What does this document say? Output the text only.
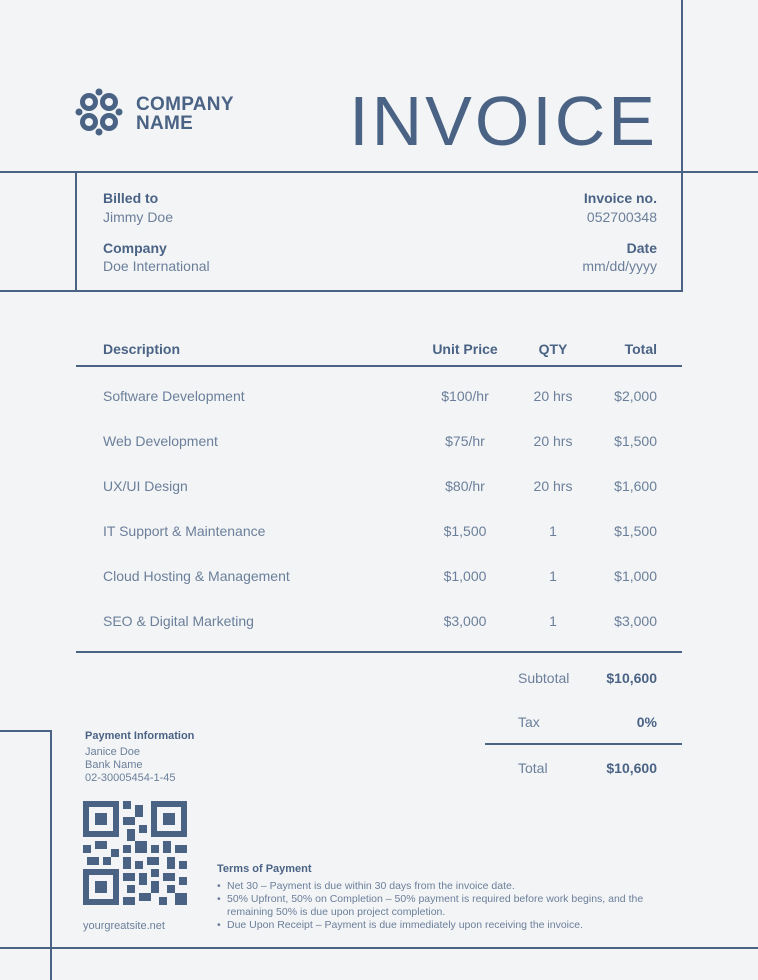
COMPANY
NAME	INVOICE
Billed to
Jimmy Doe
Company
Doe International
Invoice no.
052700348
Date
mm/dd/yyyy
Description	Unit Price	QTY	Total
Software Development	$100/hr	20 hrs	$2,000
Web Development	$75/hr	20 hrs	$1,500
UX/UI Design	$80/hr	20 hrs	$1,600
IT Support & Maintenance	$1,500	1	$1,500
Cloud Hosting & Management	$1,000	1	$1,000
SEO & Digital Marketing	$3,000	1	$3,000
Subtotal	$10,600
Tax	0%
Total	$10,600
Payment Information
Janice Doe
Bank Name
02-30005454-1-45
yourgreatsite.net
Terms of Payment
• Net 30 – Payment is due within 30 days from the invoice date.
• 50% Upfront, 50% on Completion – 50% payment is required before work begins, and the remaining 50% is due upon project completion.
• Due Upon Receipt – Payment is due immediately upon receiving the invoice.
